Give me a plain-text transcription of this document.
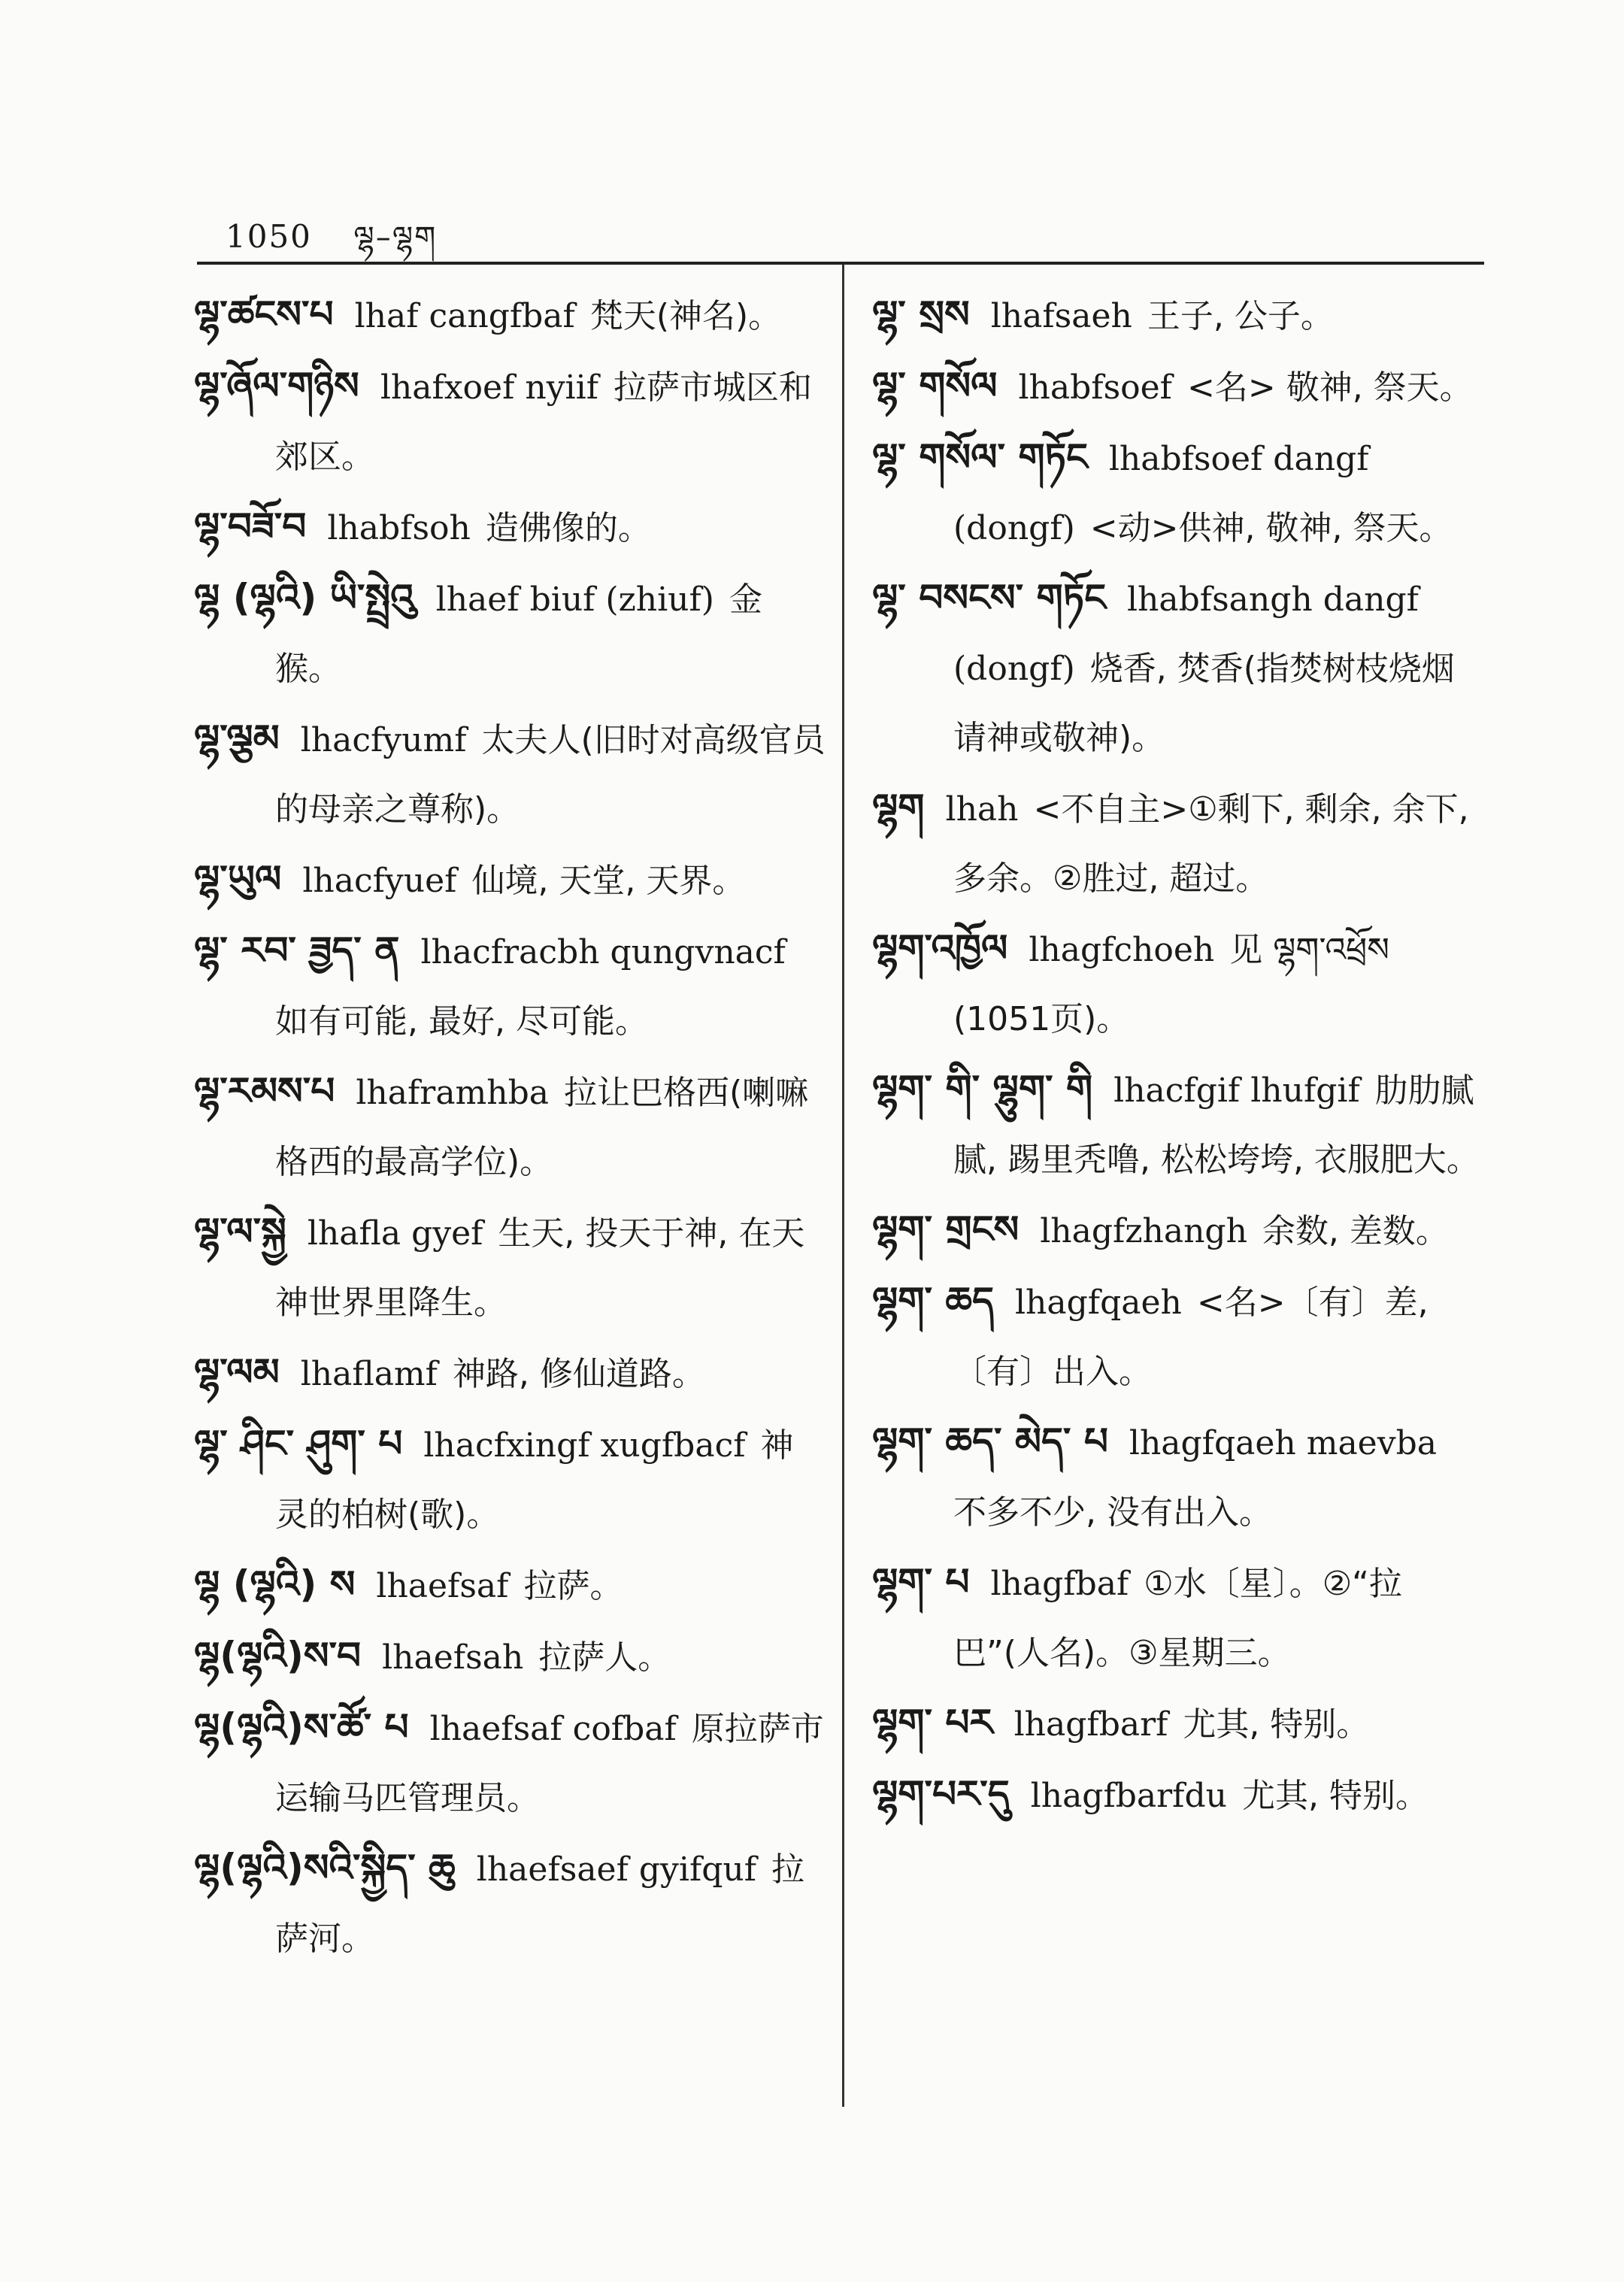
1050 ལྷ–ལྷག
ལྷ་ཚངས་པ lhaf cangfbaf 梵天(神名)。
ལྷ་ཞོལ་གཉིས lhafxoef nyiif 拉萨市城区和郊区。
ལྷ་བཟོ་བ lhabfsoh 造佛像的。
ལྷ (ལྷའི) ཡི་སྤྲེའུ lhaef biuf (zhiuf) 金猴。
ལྷ་ལྕམ lhacfyumf 太夫人(旧时对高级官员的母亲之尊称)。
ལྷ་ཡུལ lhacfyuef 仙境, 天堂, 天界。
ལྷ་ རབ་ ཟྱད་ ན lhacfracbh qungvnacf如有可能, 最好, 尽可能。
ལྷ་རམས་པ lhaframhba 拉让巴格西(喇嘛格西的最高学位)。
ལྷ་ལ་སྐྱེ lhafla gyef 生天, 投天于神, 在天神世界里降生。
ལྷ་ལམ lhaflamf 神路, 修仙道路。
ལྷ་ ཤིང་ ཤུག་ པ lhacfxingf xugfbacf 神灵的柏树(歌)。
ལྷ (ལྷའི) ས lhaefsaf 拉萨。
ལྷ(ལྷའི)ས་བ lhaefsah 拉萨人。
ལྷ(ལྷའི)ས་ཚོ་ པ lhaefsaf cofbaf 原拉萨市运输马匹管理员。
ལྷ(ལྷའི)སའི་སྐྱིད་ ཆུ lhaefsaef gyifquf 拉萨河。
ལྷ་ སྲས lhafsaeh 王子, 公子。
ལྷ་ གསོལ lhabfsoef <名> 敬神, 祭天。
ལྷ་ གསོལ་ གཏོང lhabfsoef dangf (dongf) <动>供神, 敬神, 祭天。
ལྷ་ བསངས་ གཏོང lhabfsangh dangf (dongf) 烧香, 焚香(指焚树枝烧烟请神或敬神)。
ལྷག lhah <不自主>①剩下, 剩余, 余下, 多余。②胜过, 超过。
ལྷག་འཁྱོལ lhagfchoeh 见 ལྷག་འཕྲོས (1051页)。
ལྷག་ གི་ ལྷུག་ གི lhacfgif lhufgif 肋肋腻腻, 踢里秃噜, 松松垮垮, 衣服肥大。
ལྷག་ གྲངས lhagfzhangh 余数, 差数。
ལྷག་ ཆད lhagfqaeh <名>〔有〕差, 〔有〕出入。
ལྷག་ ཆད་ མེད་ པ lhagfqaeh maevba不多不少, 没有出入。
ལྷག་ པ lhagfbaf ①水〔星〕。②“拉巴”(人名)。③星期三。
ལྷག་ པར lhagfbarf 尤其, 特别。
ལྷག་པར་དུ lhagfbarfdu 尤其, 特别。
